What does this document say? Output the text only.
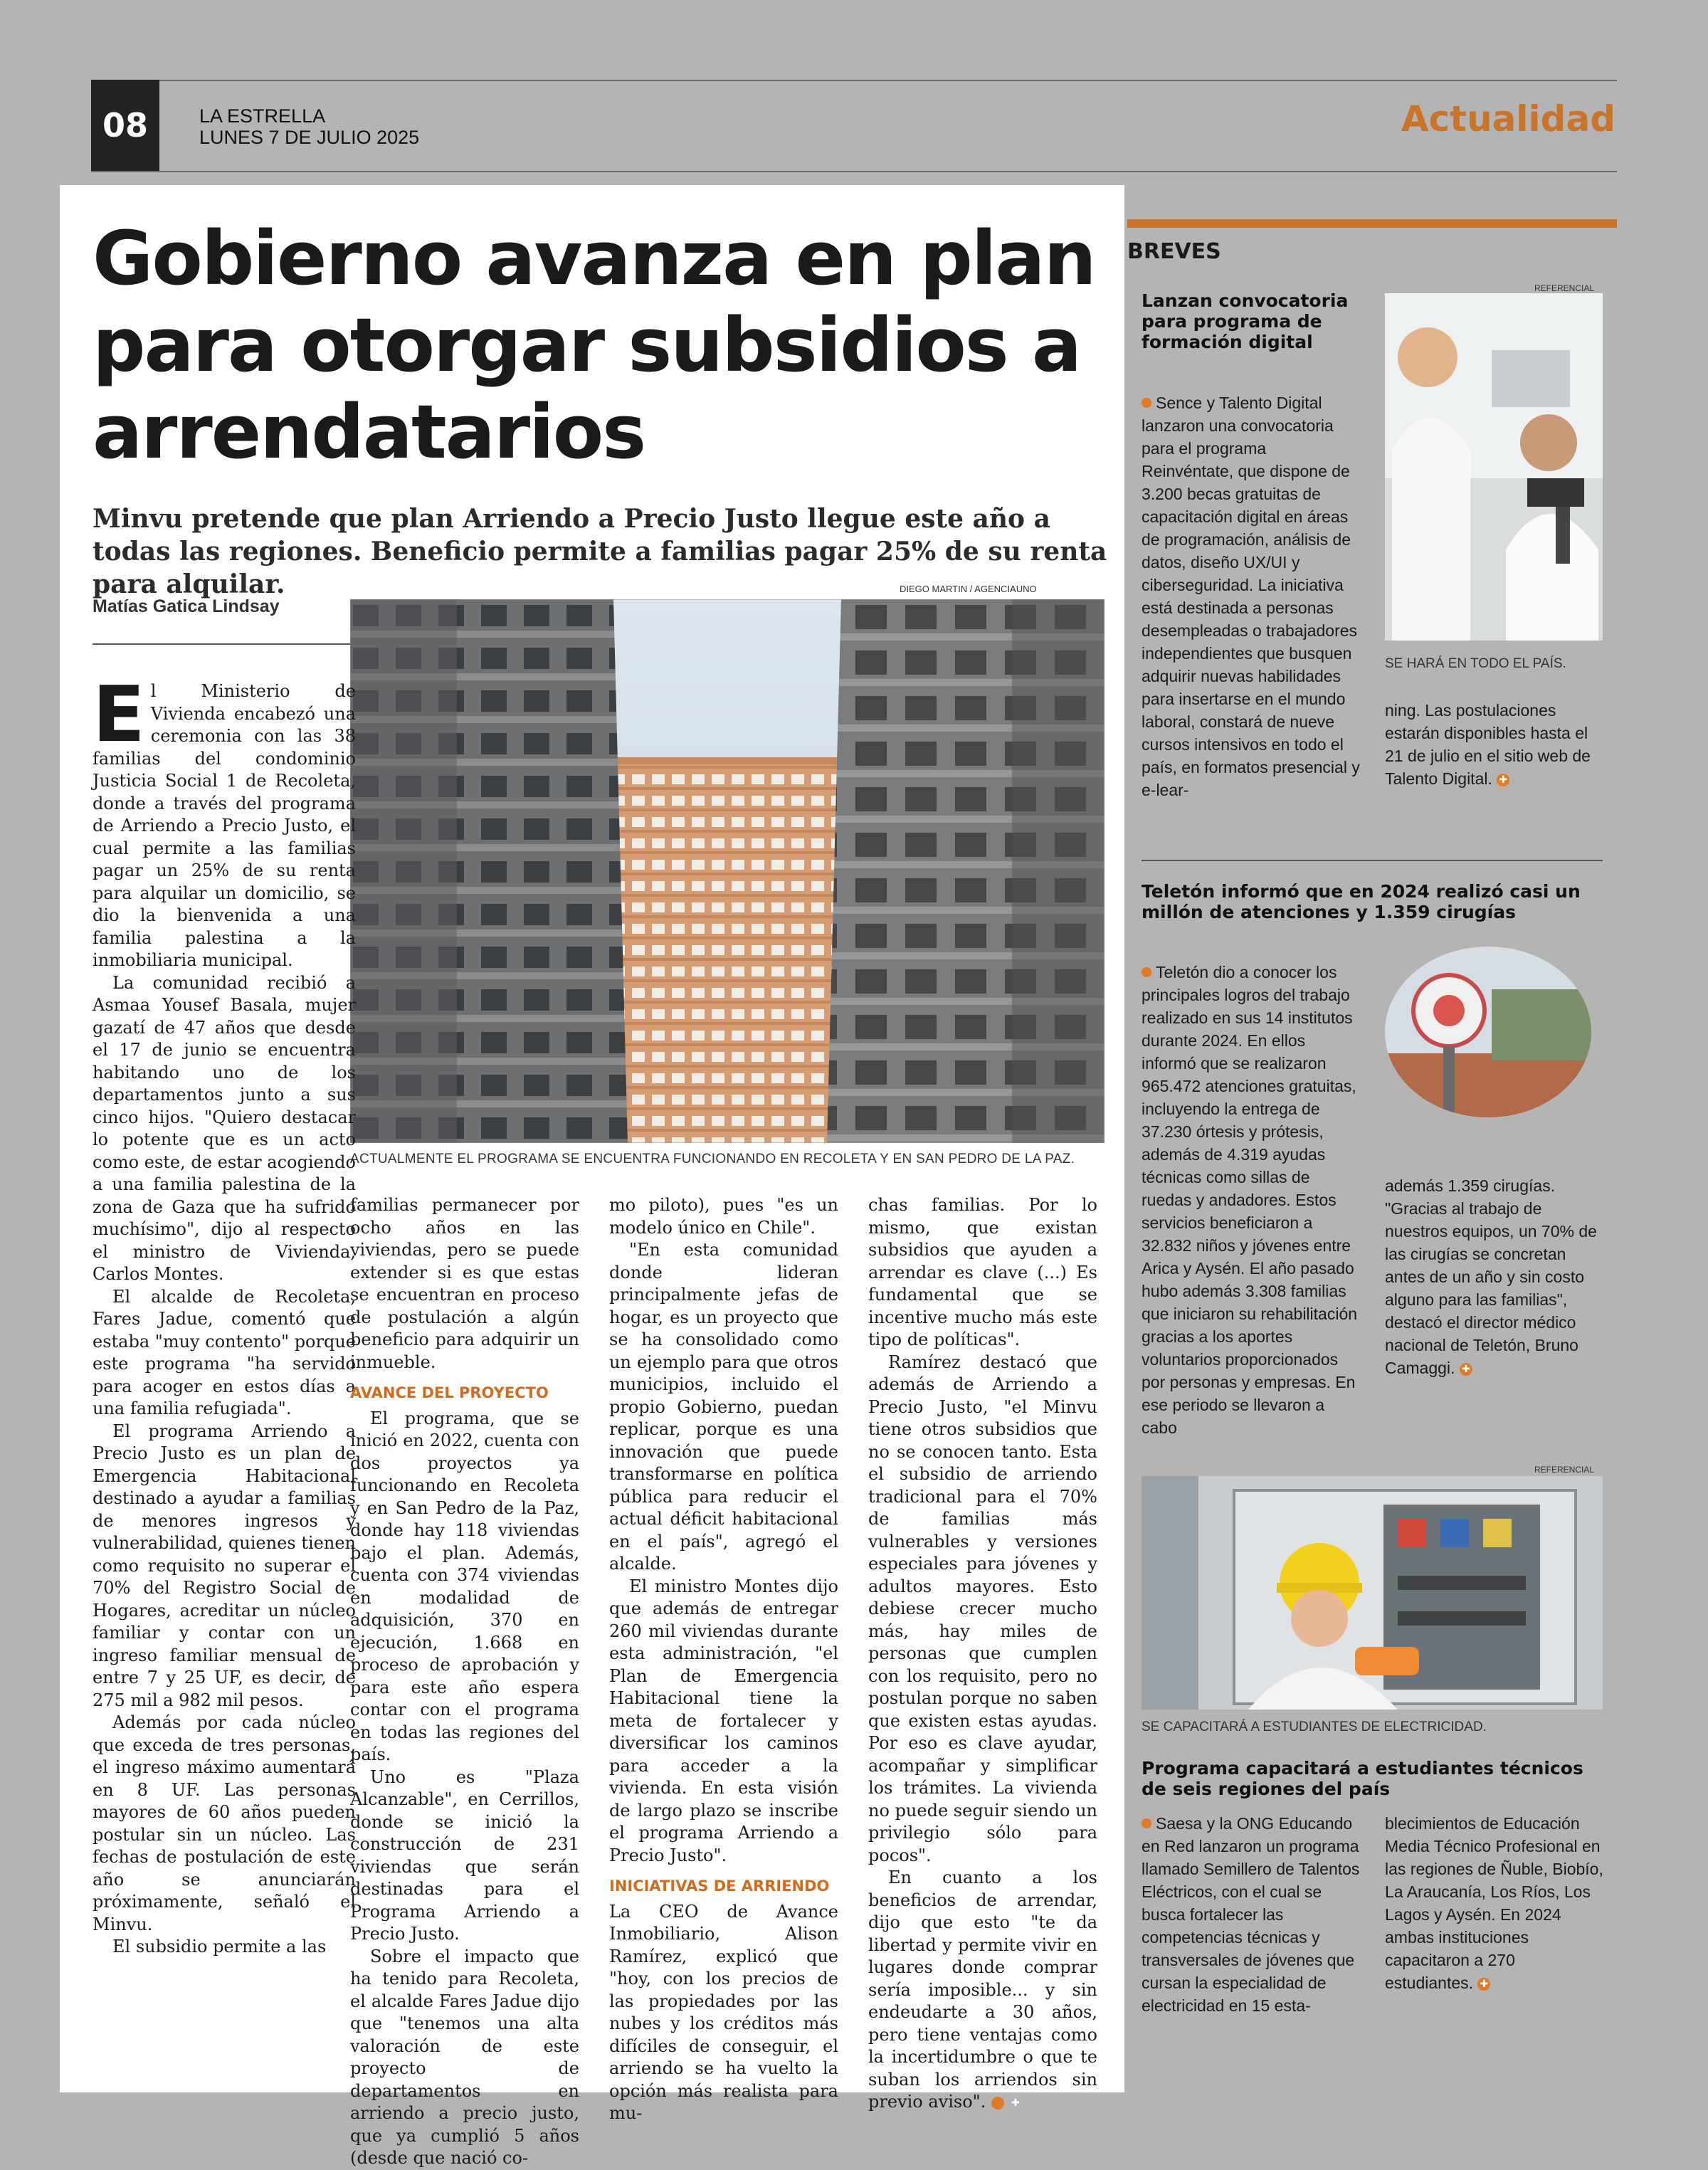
08	LA ESTRELLA
LUNES 7 DE JULIO 2025	Actualidad
Gobierno avanza en plan
para otorgar subsidios a
arrendatarios
Minvu pretende que plan Arriendo a Precio Justo llegue este año a todas las regiones. Beneficio permite a familias pagar 25% de su renta para alquilar.
Matías Gatica Lindsay
DIEGO MARTIN / AGENCIAUNO
ACTUALMENTE EL PROGRAMA SE ENCUENTRA FUNCIONANDO EN RECOLETA Y EN SAN PEDRO DE LA PAZ.

El Ministerio de Vivienda encabezó una ceremonia con las 38 familias del condominio Justicia Social 1 de Recoleta, donde a través del programa de Arriendo a Precio Justo, el cual permite a las familias pagar un 25% de su renta para alquilar un domicilio, se dio la bienvenida a una familia palestina a la inmobiliaria municipal.

La comunidad recibió a Asmaa Yousef Basala, mujer gazatí de 47 años que desde el 17 de junio se encuentra habitando uno de los departamentos junto a sus cinco hijos. "Quiero destacar lo potente que es un acto como este, de estar acogiendo a una familia palestina de la zona de Gaza que ha sufrido muchísimo", dijo al respecto el ministro de Vivienda, Carlos Montes.

El alcalde de Recoleta, Fares Jadue, comentó que estaba "muy contento" porque este programa "ha servido para acoger en estos días a una familia refugiada".

El programa Arriendo a Precio Justo es un plan de Emergencia Habitacional destinado a ayudar a familias de menores ingresos y vulnerabilidad, quienes tienen como requisito no superar el 70% del Registro Social de Hogares, acreditar un núcleo familiar y contar con un ingreso familiar mensual de entre 7 y 25 UF, es decir, de 275 mil a 982 mil pesos.

Además por cada núcleo que exceda de tres personas, el ingreso máximo aumentará en 8 UF. Las personas mayores de 60 años pueden postular sin un núcleo. Las fechas de postulación de este año se anunciarán próximamente, señaló el Minvu.

El subsidio permite a las

familias permanecer por ocho años en las viviendas, pero se puede extender si es que estas se encuentran en proceso de postulación a algún beneficio para adquirir un inmueble.

AVANCE DEL PROYECTO

El programa, que se inició en 2022, cuenta con dos proyectos ya funcionando en Recoleta y en San Pedro de la Paz, donde hay 118 viviendas bajo el plan. Además, cuenta con 374 viviendas en modalidad de adquisición, 370 en ejecución, 1.668 en proceso de aprobación y para este año espera contar con el programa en todas las regiones del país.

Uno es "Plaza Alcanzable", en Cerrillos, donde se inició la construcción de 231 viviendas que serán destinadas para el Programa Arriendo a Precio Justo.

Sobre el impacto que ha tenido para Recoleta, el alcalde Fares Jadue dijo que "tenemos una alta valoración de este proyecto de departamentos en arriendo a precio justo, que ya cumplió 5 años (desde que nació co-

mo piloto), pues "es un modelo único en Chile".

"En esta comunidad donde lideran principalmente jefas de hogar, es un proyecto que se ha consolidado como un ejemplo para que otros municipios, incluido el propio Gobierno, puedan replicar, porque es una innovación que puede transformarse en política pública para reducir el actual déficit habitacional en el país", agregó el alcalde.

El ministro Montes dijo que además de entregar 260 mil viviendas durante esta administración, "el Plan de Emergencia Habitacional tiene la meta de fortalecer y diversificar los caminos para acceder a la vivienda. En esta visión de largo plazo se inscribe el programa Arriendo a Precio Justo".

INICIATIVAS DE ARRIENDO

La CEO de Avance Inmobiliario, Alison Ramírez, explicó que "hoy, con los precios de las propiedades por las nubes y los créditos más difíciles de conseguir, el arriendo se ha vuelto la opción más realista para mu-

chas familias. Por lo mismo, que existan subsidios que ayuden a arrendar es clave (...) Es fundamental que se incentive mucho más este tipo de políticas".

Ramírez destacó que además de Arriendo a Precio Justo, "el Minvu tiene otros subsidios que no se conocen tanto. Esta el subsidio de arriendo tradicional para el 70% de familias más vulnerables y versiones especiales para jóvenes y adultos mayores. Esto debiese crecer mucho más, hay miles de personas que cumplen con los requisito, pero no postulan porque no saben que existen estas ayudas. Por eso es clave ayudar, acompañar y simplificar los trámites. La vivienda no puede seguir siendo un privilegio sólo para pocos".

En cuanto a los beneficios de arrendar, dijo que esto "te da libertad y permite vivir en lugares donde comprar sería imposible... y sin endeudarte a 30 años, pero tiene ventajas como la incertidumbre o que te suban los arriendos sin previo aviso".	✚

BREVES
Lanzan convocatoria para programa de formación digital
REFERENCIAL
SE HARÁ EN TODO EL PAÍS.
Sence y Talento Digital lanzaron una convocatoria para el programa Reinvéntate, que dispone de 3.200 becas gratuitas de capacitación digital en áreas de programación, análisis de datos, diseño UX/UI y ciberseguridad. La iniciativa está destinada a personas desempleadas o trabajadores independientes que busquen adquirir nuevas habilidades para insertarse en el mundo laboral, constará de nueve cursos intensivos en todo el país, en formatos presencial y e-lear-
ning. Las postulaciones estarán disponibles hasta el 21 de julio en el sitio web de Talento Digital. ✚
Teletón informó que en 2024 realizó casi un millón de atenciones y 1.359 cirugías
Teletón dio a conocer los principales logros del trabajo realizado en sus 14 institutos durante 2024. En ellos informó que se realizaron 965.472 atenciones gratuitas, incluyendo la entrega de 37.230 órtesis y prótesis, además de 4.319 ayudas técnicas como sillas de ruedas y andadores. Estos servicios beneficiaron a 32.832 niños y jóvenes entre Arica y Aysén. El año pasado hubo además 3.308 familias que iniciaron su rehabilitación gracias a los aportes voluntarios proporcionados por personas y empresas. En ese periodo se llevaron a cabo
además 1.359 cirugías. "Gracias al trabajo de nuestros equipos, un 70% de las cirugías se concretan antes de un año y sin costo alguno para las familias", destacó el director médico nacional de Teletón, Bruno Camaggi. ✚
REFERENCIAL
SE CAPACITARÁ A ESTUDIANTES DE ELECTRICIDAD.
Programa capacitará a estudiantes técnicos de seis regiones del país
Saesa y la ONG Educando en Red lanzaron un programa llamado Semillero de Talentos Eléctricos, con el cual se busca fortalecer las competencias técnicas y transversales de jóvenes que cursan la especialidad de electricidad en 15 esta-
blecimientos de Educación Media Técnico Profesional en las regiones de Ñuble, Biobío, La Araucanía, Los Ríos, Los Lagos y Aysén. En 2024 ambas instituciones capacitaron a 270 estudiantes. ✚
